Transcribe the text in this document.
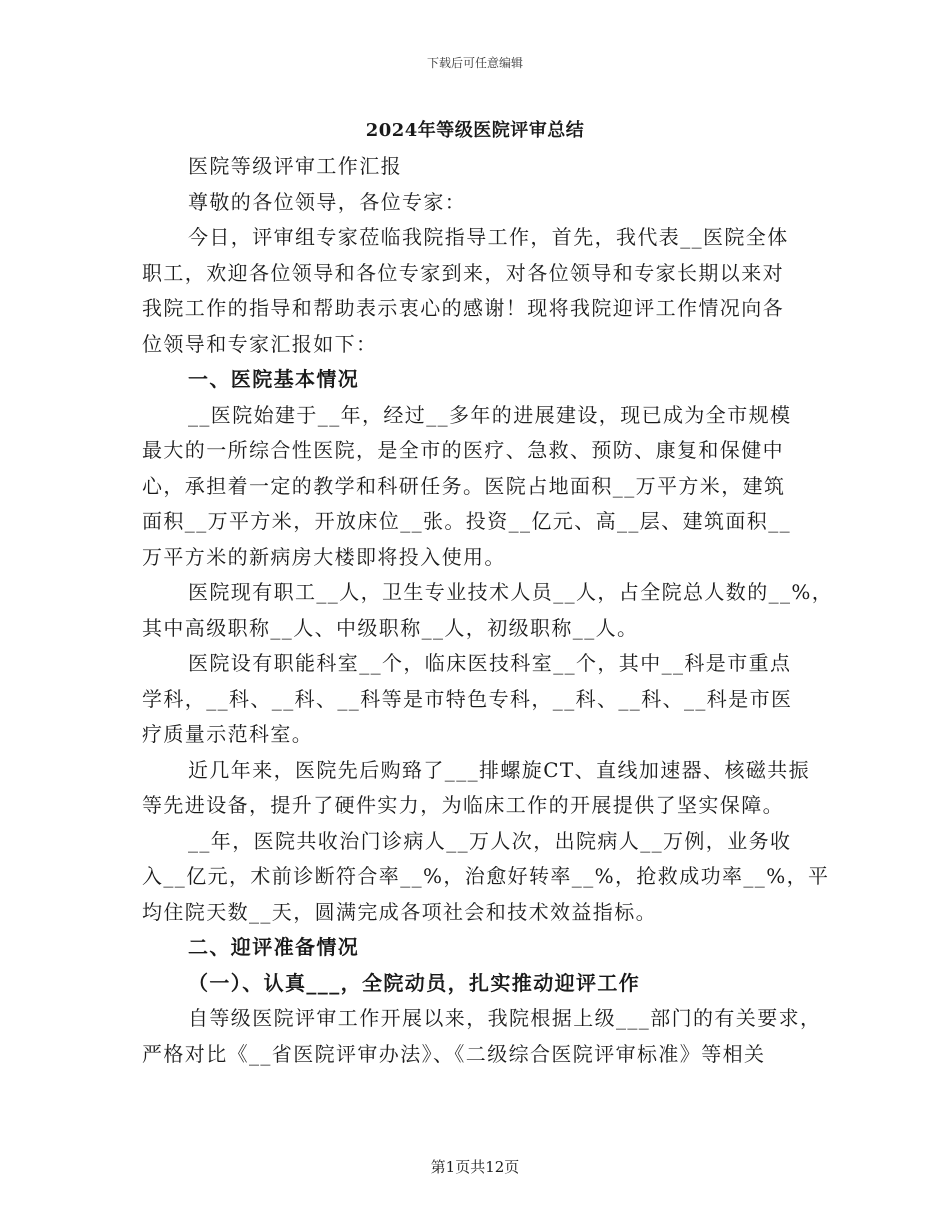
下载后可任意编辑
2024年等级医院评审总结

医院等级评审工作汇报

尊敬的各位领导，各位专家：

今日，评审组专家莅临我院指导工作，首先，我代表__医院全体

职工，欢迎各位领导和各位专家到来，对各位领导和专家长期以来对

我院工作的指导和帮助表示衷心的感谢！现将我院迎评工作情况向各

位领导和专家汇报如下：

一、医院基本情况

__医院始建于__年，经过__多年的进展建设，现已成为全市规模

最大的一所综合性医院，是全市的医疗、急救、预防、康复和保健中

心，承担着一定的教学和科研任务。医院占地面积__万平方米，建筑

面积__万平方米，开放床位__张。投资__亿元、高__层、建筑面积__

万平方米的新病房大楼即将投入使用。

医院现有职工__人，卫生专业技术人员__人，占全院总人数的__%，

其中高级职称__人、中级职称__人，初级职称__人。

医院设有职能科室__个，临床医技科室__个，其中__科是市重点

学科，__科、__科、__科等是市特色专科，__科、__科、__科是市医

疗质量示范科室。

近几年来，医院先后购臵了___排螺旋CT、直线加速器、核磁共振

等先进设备，提升了硬件实力，为临床工作的开展提供了坚实保障。

__年，医院共收治门诊病人__万人次，出院病人__万例，业务收

入__亿元，术前诊断符合率__%，治愈好转率__%，抢救成功率__%，平

均住院天数__天，圆满完成各项社会和技术效益指标。

二、迎评准备情况

（一）、认真___，全院动员，扎实推动迎评工作

自等级医院评审工作开展以来，我院根据上级___部门的有关要求，

严格对比《__省医院评审办法》、《二级综合医院评审标准》等相关

第1页共12页
